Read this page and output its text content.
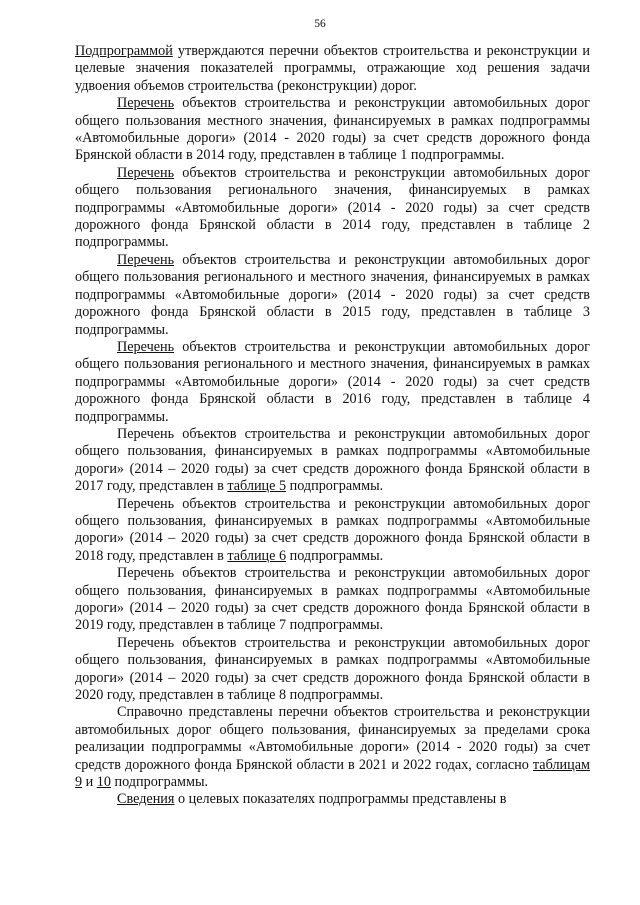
56

Подпрограммой утверждаются перечни объектов строительства и реконструкции и целевые значения показателей программы, отражающие ход решения задачи удвоения объемов строительства (реконструкции) дорог.

Перечень объектов строительства и реконструкции автомобильных дорог общего пользования местного значения, финансируемых в рамках подпрограммы «Автомобильные дороги» (2014 - 2020 годы) за счет средств дорожного фонда Брянской области в 2014 году, представлен в таблице 1 подпрограммы.

Перечень объектов строительства и реконструкции автомобильных дорог общего пользования регионального значения, финансируемых в рамках подпрограммы «Автомобильные дороги» (2014 - 2020 годы) за счет средств дорожного фонда Брянской области в 2014 году, представлен в таблице 2 подпрограммы.

Перечень объектов строительства и реконструкции автомобильных дорог общего пользования регионального и местного значения, финансируемых в рамках подпрограммы «Автомобильные дороги» (2014 - 2020 годы) за счет средств дорожного фонда Брянской области в 2015 году, представлен в таблице 3 подпрограммы.

Перечень объектов строительства и реконструкции автомобильных дорог общего пользования регионального и местного значения, финансируемых в рамках подпрограммы «Автомобильные дороги» (2014 - 2020 годы) за счет средств дорожного фонда Брянской области в 2016 году, представлен в таблице 4 подпрограммы.

Перечень объектов строительства и реконструкции автомобильных дорог общего пользования, финансируемых в рамках подпрограммы «Автомобильные дороги» (2014 – 2020 годы) за счет средств дорожного фонда Брянской области в 2017 году, представлен в таблице 5 подпрограммы.

Перечень объектов строительства и реконструкции автомобильных дорог общего пользования, финансируемых в рамках подпрограммы «Автомобильные дороги» (2014 – 2020 годы) за счет средств дорожного фонда Брянской области в 2018 году, представлен в таблице 6 подпрограммы.

Перечень объектов строительства и реконструкции автомобильных дорог общего пользования, финансируемых в рамках подпрограммы «Автомобильные дороги» (2014 – 2020 годы) за счет средств дорожного фонда Брянской области в 2019 году, представлен в таблице 7 подпрограммы.

Перечень объектов строительства и реконструкции автомобильных дорог общего пользования, финансируемых в рамках подпрограммы «Автомобильные дороги» (2014 – 2020 годы) за счет средств дорожного фонда Брянской области в 2020 году, представлен в таблице 8 подпрограммы.

Справочно представлены перечни объектов строительства и реконструкции автомобильных дорог общего пользования, финансируемых за пределами срока реализации подпрограммы «Автомобильные дороги» (2014 - 2020 годы) за счет средств дорожного фонда Брянской области в 2021 и 2022 годах, согласно таблицам 9 и 10 подпрограммы.

Сведения о целевых показателях подпрограммы представлены в
